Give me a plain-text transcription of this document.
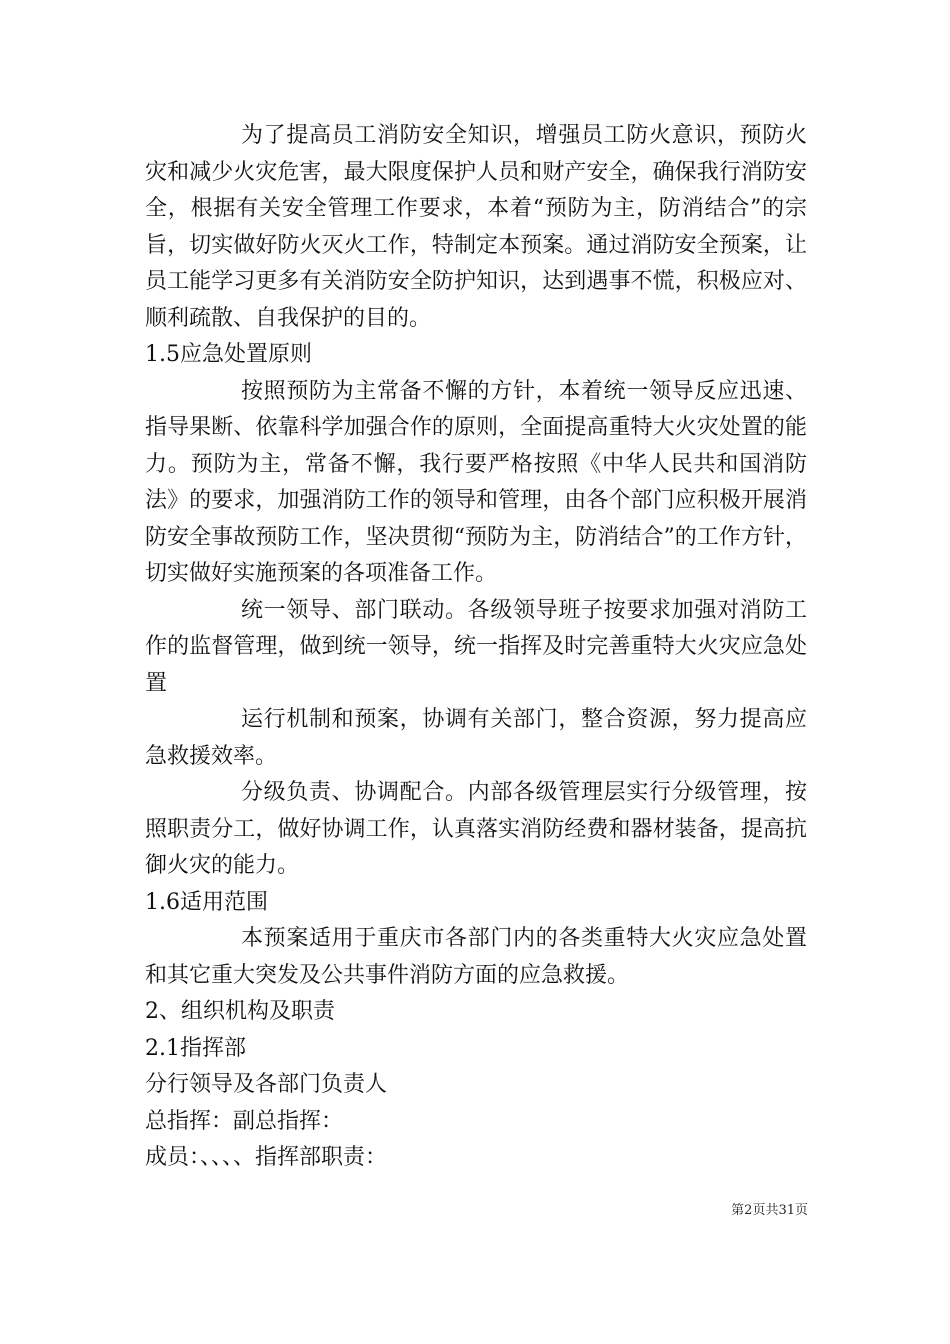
为了提高员工消防安全知识，增强员工防火意识，预防火灾和减少火灾危害，最大限度保护人员和财产安全，确保我行消防安全，根据有关安全管理工作要求，本着“预防为主，防消结合”的宗旨，切实做好防火灭火工作，特制定本预案。通过消防安全预案，让员工能学习更多有关消防安全防护知识，达到遇事不慌，积极应对、顺利疏散、自我保护的目的。

1.5应急处置原则

按照预防为主常备不懈的方针，本着统一领导反应迅速、指导果断、依靠科学加强合作的原则，全面提高重特大火灾处置的能力。预防为主，常备不懈，我行要严格按照《中华人民共和国消防法》的要求，加强消防工作的领导和管理，由各个部门应积极开展消防安全事故预防工作，坚决贯彻“预防为主，防消结合”的工作方针，切实做好实施预案的各项准备工作。

统一领导、部门联动。各级领导班子按要求加强对消防工作的监督管理，做到统一领导，统一指挥及时完善重特大火灾应急处置

运行机制和预案，协调有关部门，整合资源，努力提高应急救援效率。

分级负责、协调配合。内部各级管理层实行分级管理，按照职责分工，做好协调工作，认真落实消防经费和器材装备，提高抗御火灾的能力。

1.6适用范围

本预案适用于重庆市各部门内的各类重特大火灾应急处置和其它重大突发及公共事件消防方面的应急救援。

2、组织机构及职责

2.1指挥部

分行领导及各部门负责人

总指挥：副总指挥：

成员：、、、、指挥部职责：

第2页共31页
